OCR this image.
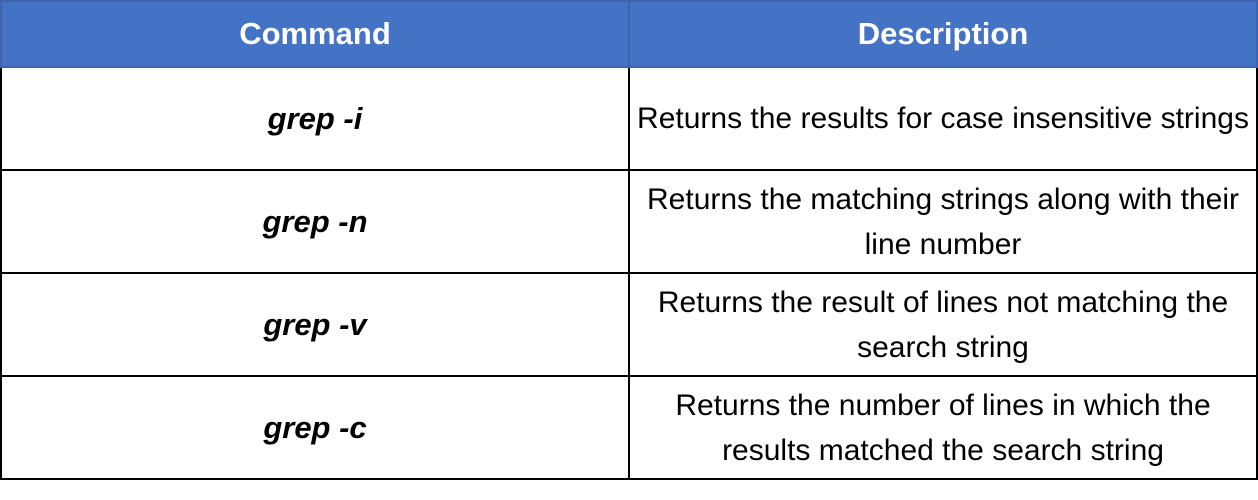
Command	Description
grep -i	Returns the results for case insensitive strings
grep -n	Returns the matching strings along with their line number
grep -v	Returns the result of lines not matching the search string
grep -c	Returns the number of lines in which the results matched the search string
